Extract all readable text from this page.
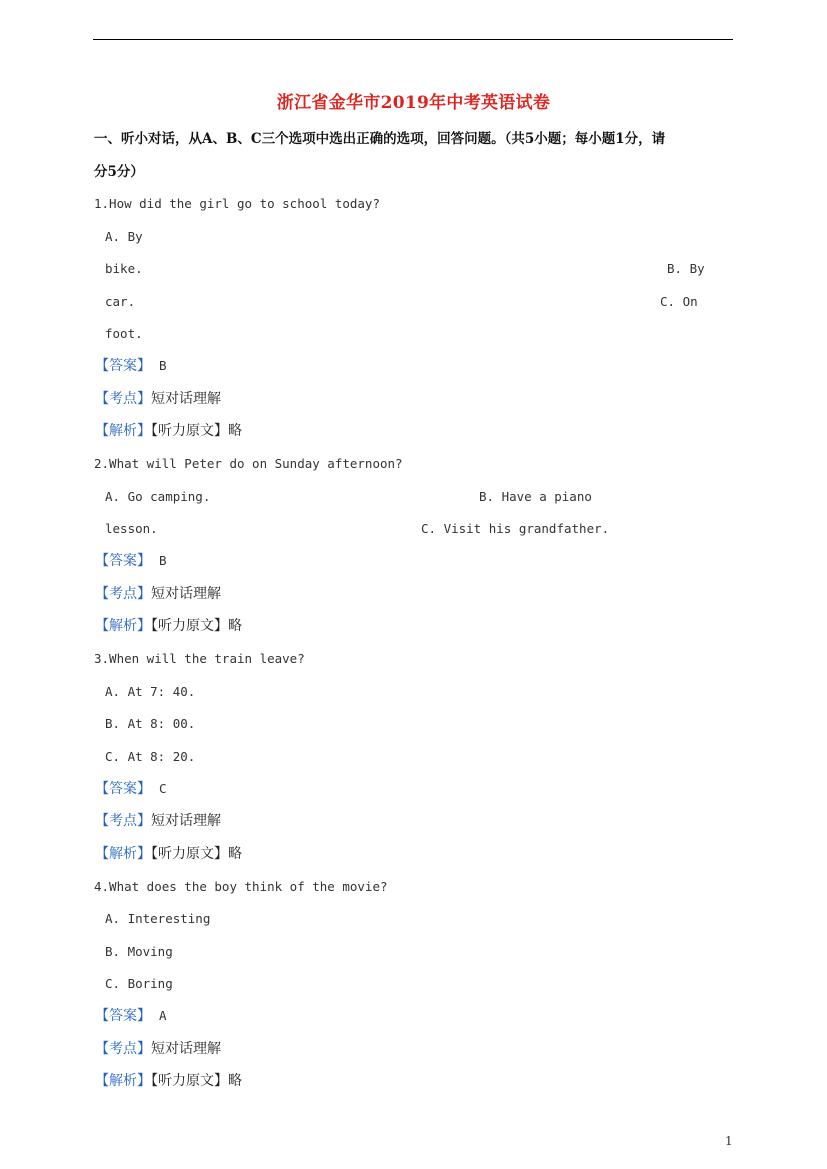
浙江省金华市2019年中考英语试卷
一、听小对话，从A、B、C三个选项中选出正确的选项，回答问题。（共5小题；每小题1分，请
分5分）
1.How did the girl go to school today?
A. By
bike.	B. By
car.	C. On
foot.
【答案】 B
【考点】短对话理解
【解析】【听力原文】略
2.What will Peter do on Sunday afternoon?
A. Go camping.	B. Have a piano
lesson.	C. Visit his grandfather.
【答案】 B
【考点】短对话理解
【解析】【听力原文】略
3.When will the train leave?
A. At 7: 40.
B. At 8: 00.
C. At 8: 20.
【答案】 C
【考点】短对话理解
【解析】【听力原文】略
4.What does the boy think of the movie?
A. Interesting
B. Moving
C. Boring
【答案】 A
【考点】短对话理解
【解析】【听力原文】略
1
